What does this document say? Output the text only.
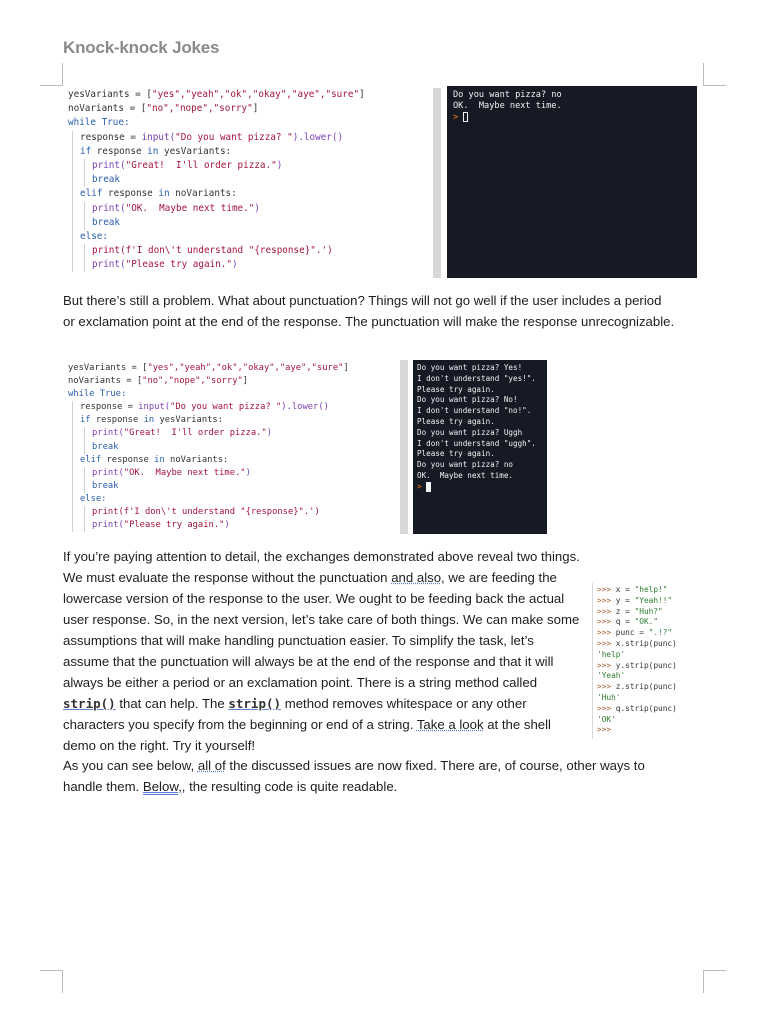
Knock-knock Jokes
yesVariants = ["yes","yeah","ok","okay","aye","sure"]
noVariants = ["no","nope","sorry"]
while True:
response = input("Do you want pizza? ").lower()
if response in yesVariants:
print("Great!  I'll order pizza.")
break
elif response in noVariants:
print("OK.  Maybe next time.")
break
else:
print(f'I don\'t understand "{response}".')
print("Please try again.")
Do you want pizza? no
OK.  Maybe next time.
>
But there’s still a problem. What about punctuation? Things will not go well if the user includes a period or exclamation point at the end of the response. The punctuation will make the response unrecognizable.
yesVariants = ["yes","yeah","ok","okay","aye","sure"]
noVariants = ["no","nope","sorry"]
while True:
response = input("Do you want pizza? ").lower()
if response in yesVariants:
print("Great!  I'll order pizza.")
break
elif response in noVariants:
print("OK.  Maybe next time.")
break
else:
print(f'I don\'t understand "{response}".')
print("Please try again.")
Do you want pizza? Yes!
I don't understand "yes!".
Please try again.
Do you want pizza? No!
I don't understand "no!".
Please try again.
Do you want pizza? Uggh
I don't understand "uggh".
Please try again.
Do you want pizza? no
OK.  Maybe next time.
>
If you’re paying attention to detail, the exchanges demonstrated above reveal two things. We must evaluate the response without the punctuation and also, we are feeding the lowercase version of the response to the user. We ought to be feeding back the actual user response. So, in the next version, let’s take care of both things. We can make some assumptions that will make handling punctuation easier. To simplify the task, let’s assume that the punctuation will always be at the end of the response and that it will always be either a period or an exclamation point. There is a string method called strip() that can help. The strip() method removes whitespace or any other characters you specify from the beginning or end of a string. Take a look at the shell demo on the right. Try it yourself!
>>> x = "help!"
>>> y = "Yeah!!"
>>> z = "Huh?"
>>> q = "OK."
>>> punc = ".!?"
>>> x.strip(punc)
'help'
>>> y.strip(punc)
'Yeah'
>>> z.strip(punc)
'Huh'
>>> q.strip(punc)
'OK'
>>>
As you can see below, all of the discussed issues are now fixed. There are, of course, other ways to handle them. Below,, the resulting code is quite readable.
